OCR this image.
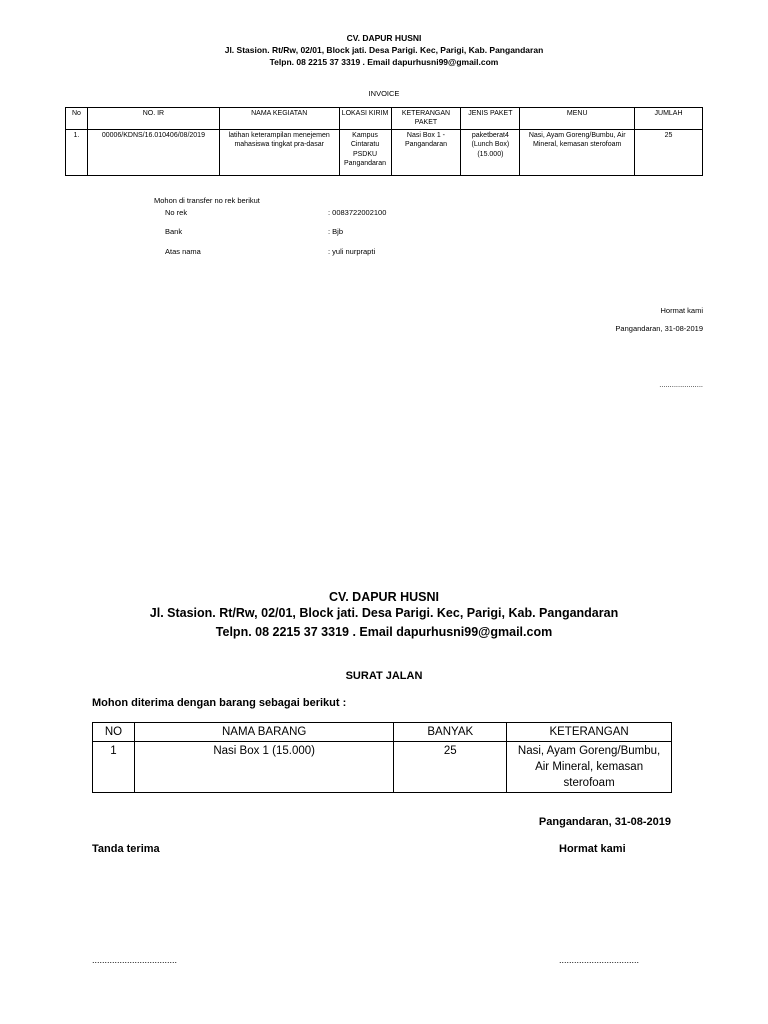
CV. DAPUR HUSNI
Jl. Stasion. Rt/Rw, 02/01, Block jati. Desa Parigi. Kec, Parigi, Kab. Pangandaran
Telpn. 08 2215 37 3319 . Email dapurhusni99@gmail.com
INVOICE
No	NO. IR	NAMA KEGIATAN	LOKASI KIRIM	KETERANGAN PAKET	JENIS PAKET	MENU	JUMLAH
1.	00006/KDNS/16.010406/08/2019	latihan keterampilan menejemen mahasiswa tingkat pra-dasar	Kampus Cintaratu PSDKU Pangandaran	Nasi Box 1 - Pangandaran	paketberat4 (Lunch Box) (15.000)	Nasi, Ayam Goreng/Bumbu, Air Mineral, kemasan sterofoam	25
Mohon di transfer no rek berikut
No rek	: 0083722002100
Bank	: Bjb
Atas nama	: yuli nurprapti
Hormat kami
Pangandaran, 31-08-2019
.....................
CV. DAPUR HUSNI
Jl. Stasion. Rt/Rw, 02/01, Block jati. Desa Parigi. Kec, Parigi, Kab. Pangandaran
Telpn. 08 2215 37 3319 . Email dapurhusni99@gmail.com
SURAT JALAN
Mohon diterima dengan barang sebagai berikut :
NO	NAMA BARANG	BANYAK	KETERANGAN
1	Nasi Box 1 (15.000)	25	Nasi, Ayam Goreng/Bumbu, Air Mineral, kemasan sterofoam
Pangandaran, 31-08-2019
Tanda terima	Hormat kami
..................................	................................
